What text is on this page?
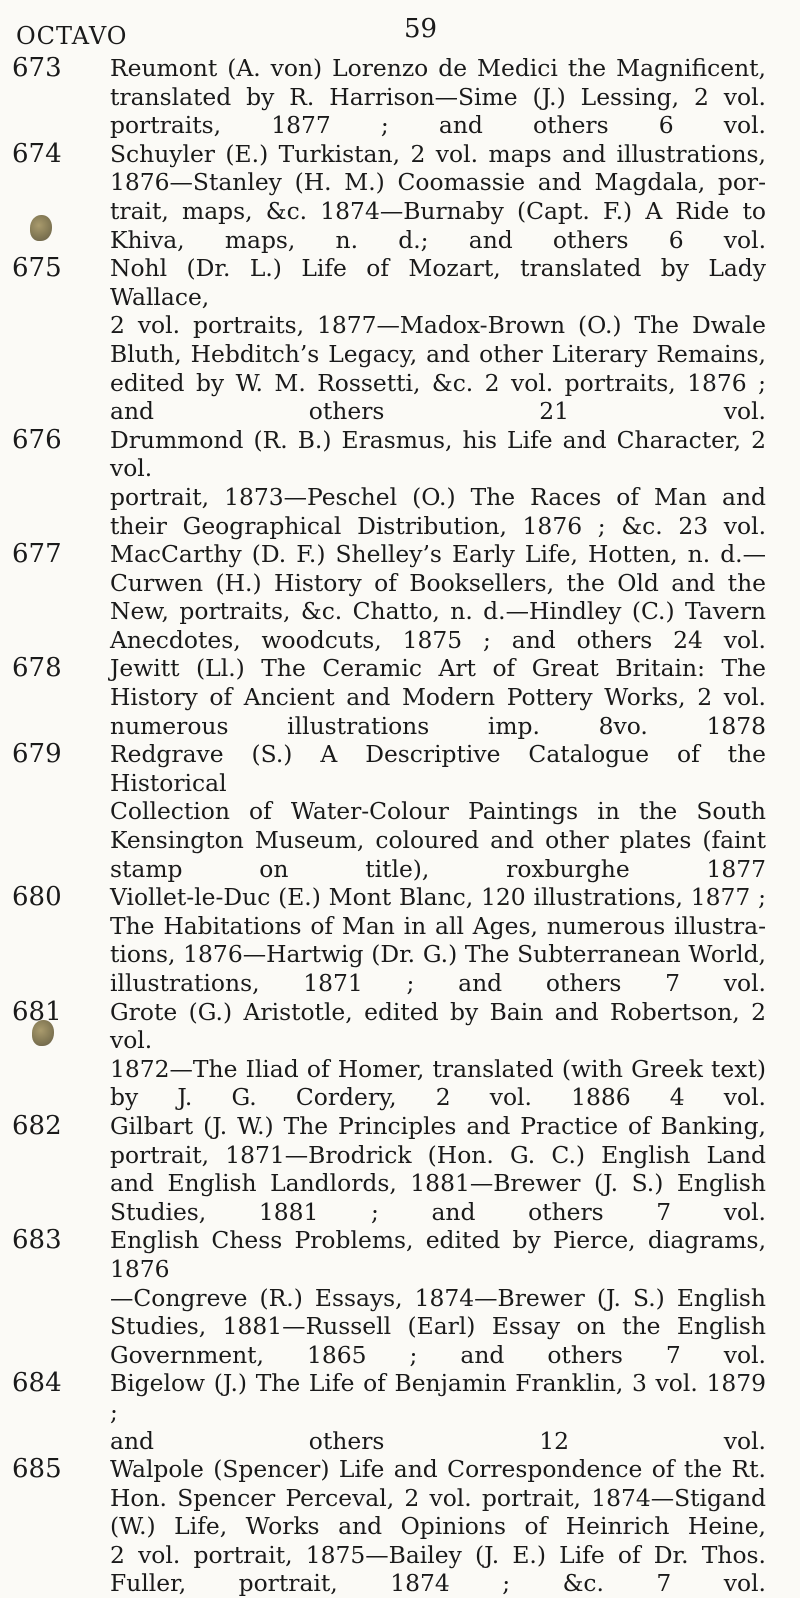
OCTAVO	59
673	Reumont (A. von) Lorenzo de Medici the Magnificent,
translated by R. Harrison—Sime (J.) Lessing, 2 vol.
portraits, 1877 ; and others 6 vol.
674	Schuyler (E.) Turkistan, 2 vol. maps and illustrations,
1876—Stanley (H. M.) Coomassie and Magdala, por-
trait, maps, &c. 1874—Burnaby (Capt. F.) A Ride to
Khiva, maps, n. d.; and others 6 vol.
675	Nohl (Dr. L.) Life of Mozart, translated by Lady Wallace,
2 vol. portraits, 1877—Madox-Brown (O.) The Dwale
Bluth, Hebditch’s Legacy, and other Literary Remains,
edited by W. M. Rossetti, &c. 2 vol. portraits, 1876 ;
and others 21 vol.
676	Drummond (R. B.) Erasmus, his Life and Character, 2 vol.
portrait, 1873—Peschel (O.) The Races of Man and
their Geographical Distribution, 1876 ; &c. 23 vol.
677	MacCarthy (D. F.) Shelley’s Early Life, Hotten, n. d.—
Curwen (H.) History of Booksellers, the Old and the
New, portraits, &c. Chatto, n. d.—Hindley (C.) Tavern
Anecdotes, woodcuts, 1875 ; and others 24 vol.
678	Jewitt (Ll.) The Ceramic Art of Great Britain: The
History of Ancient and Modern Pottery Works, 2 vol.
numerous illustrations imp. 8vo. 1878
679	Redgrave (S.) A Descriptive Catalogue of the Historical
Collection of Water-Colour Paintings in the South
Kensington Museum, coloured and other plates (faint
stamp on title), roxburghe 1877
680	Viollet-le-Duc (E.) Mont Blanc, 120 illustrations, 1877 ;
The Habitations of Man in all Ages, numerous illustra-
tions, 1876—Hartwig (Dr. G.) The Subterranean World,
illustrations, 1871 ; and others 7 vol.
681	Grote (G.) Aristotle, edited by Bain and Robertson, 2 vol.
1872—The Iliad of Homer, translated (with Greek text)
by J. G. Cordery, 2 vol. 1886 4 vol.
682	Gilbart (J. W.) The Principles and Practice of Banking,
portrait, 1871—Brodrick (Hon. G. C.) English Land
and English Landlords, 1881—Brewer (J. S.) English
Studies, 1881 ; and others 7 vol.
683	English Chess Problems, edited by Pierce, diagrams, 1876
—Congreve (R.) Essays, 1874—Brewer (J. S.) English
Studies, 1881—Russell (Earl) Essay on the English
Government, 1865 ; and others 7 vol.
684	Bigelow (J.) The Life of Benjamin Franklin, 3 vol. 1879 ;
and others 12 vol.
685	Walpole (Spencer) Life and Correspondence of the Rt.
Hon. Spencer Perceval, 2 vol. portrait, 1874—Stigand
(W.) Life, Works and Opinions of Heinrich Heine,
2 vol. portrait, 1875—Bailey (J. E.) Life of Dr. Thos.
Fuller, portrait, 1874 ; &c. 7 vol.
